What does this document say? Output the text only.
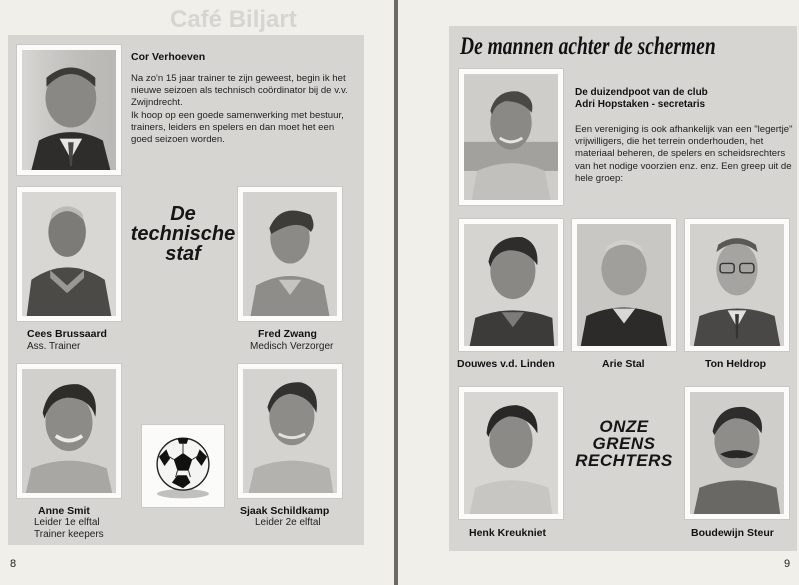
Café Biljart
Cor Verhoeven

Na zo'n 15 jaar trainer te zijn geweest, begin ik het nieuwe seizoen als technisch coördinator bij de v.v. Zwijndrecht.

Ik hoop op een goede samenwerking met bestuur, trainers, leiders en spelers en dan moet het een goed seizoen worden.

Cees Brussaard
Ass. Trainer
De
technische
staf
Fred Zwang
Medisch Verzorger
Anne Smit
Leider 1e elftal
Trainer keepers
Sjaak Schildkamp
Leider 2e elftal
8
De mannen achter de schermen
De duizendpoot van de club
Adri Hopstaken - secretaris
Een vereniging is ook afhankelijk van een "legertje" vrijwilligers, die het terrein onderhouden, het materiaal beheren, de spelers en scheidsrechters van het nodige voorzien enz. enz. Een greep uit de hele groep:
Douwes v.d. Linden	Arie Stal	Ton Heldrop
Henk Kreukniet
ONZE
GRENS
RECHTERS
Boudewijn Steur
9
